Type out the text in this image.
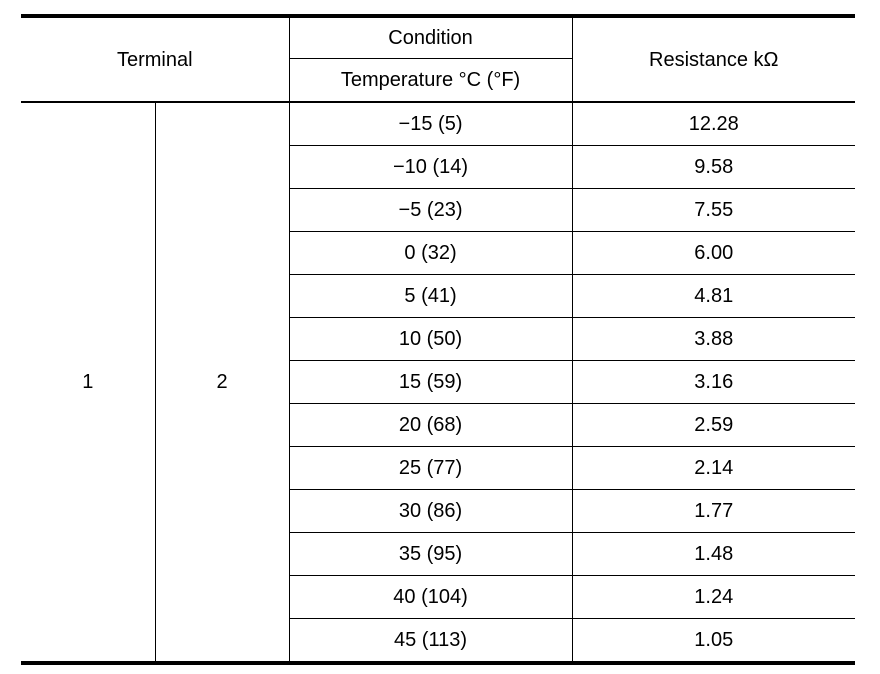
Terminal		Condition	Resistance kΩ
		Temperature °C (°F)	
1	2	−15 (5)	12.28
		−10 (14)	9.58
		−5 (23)	7.55
		0 (32)	6.00
		5 (41)	4.81
		10 (50)	3.88
		15 (59)	3.16
		20 (68)	2.59
		25 (77)	2.14
		30 (86)	1.77
		35 (95)	1.48
		40 (104)	1.24
		45 (113)	1.05
